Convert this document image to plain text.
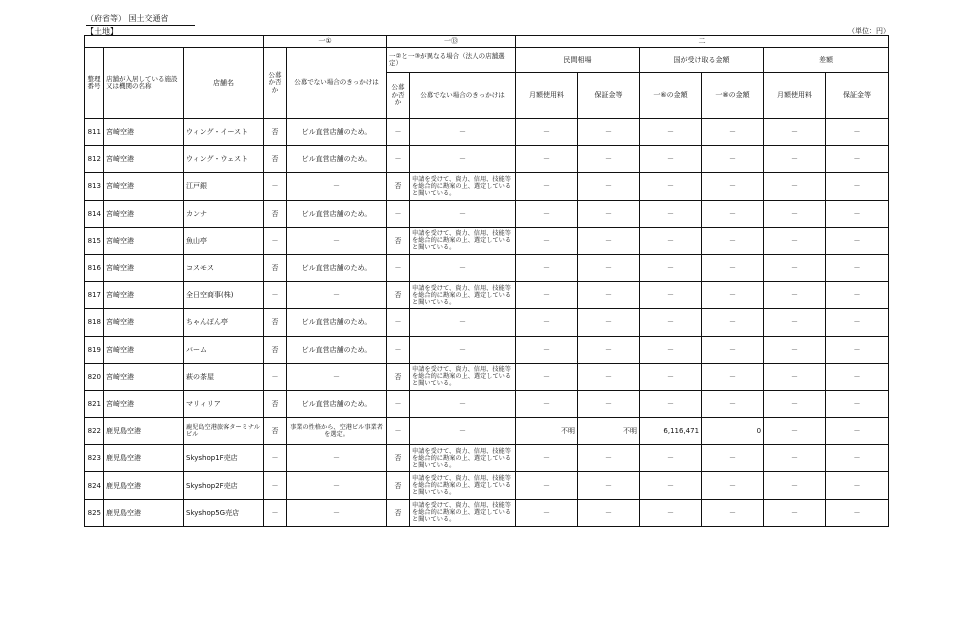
（府省等） 国土交通省
【土地】	（単位：円）
			一①		一⑬		二					
整理番号	店舗が入居している施設又は機関の名称	店舗名	公募か否か	公募でない場合のきっかけは	一②と一③が異なる場合（法人の店舗選定）		民間相場		国が受け取る金額		差額	
					公募か否か	公募でない場合のきっかけは	月額使用料	保証金等	一⑥の金額	一⑧の金額	月額使用料	保証金等
811	宮崎空港	ウィング・イースト	否	ビル直営店舗のため。	－	－	－	－	－	－	－	－
812	宮崎空港	ウィング・ウェスト	否	ビル直営店舗のため。	－	－	－	－	－	－	－	－
813	宮崎空港	江戸銀	－	－	否	申請を受けて、資力、信用、技能等を総合的に勘案の上、選定していると聞いている。	－	－	－	－	－	－
814	宮崎空港	カンナ	否	ビル直営店舗のため。	－	－	－	－	－	－	－	－
815	宮崎空港	魚山亭	－	－	否	申請を受けて、資力、信用、技能等を総合的に勘案の上、選定していると聞いている。	－	－	－	－	－	－
816	宮崎空港	コスモス	否	ビル直営店舗のため。	－	－	－	－	－	－	－	－
817	宮崎空港	全日空商事(株)	－	－	否	申請を受けて、資力、信用、技能等を総合的に勘案の上、選定していると聞いている。	－	－	－	－	－	－
818	宮崎空港	ちゃんぽん亭	否	ビル直営店舗のため。	－	－	－	－	－	－	－	－
819	宮崎空港	バーム	否	ビル直営店舗のため。	－	－	－	－	－	－	－	－
820	宮崎空港	萩の茶屋	－	－	否	申請を受けて、資力、信用、技能等を総合的に勘案の上、選定していると聞いている。	－	－	－	－	－	－
821	宮崎空港	マリィリア	否	ビル直営店舗のため。	－	－	－	－	－	－	－	－
822	鹿児島空港	鹿児島空港旅客ターミナルビル	否	事業の性格から、空港ビル事業者を選定。	－	－	不明	不明	6,116,471	0	－	－
823	鹿児島空港	Skyshop1F売店	－	－	否	申請を受けて、資力、信用、技能等を総合的に勘案の上、選定していると聞いている。	－	－	－	－	－	－
824	鹿児島空港	Skyshop2F売店	－	－	否	申請を受けて、資力、信用、技能等を総合的に勘案の上、選定していると聞いている。	－	－	－	－	－	－
825	鹿児島空港	Skyshop5G売店	－	－	否	申請を受けて、資力、信用、技能等を総合的に勘案の上、選定していると聞いている。	－	－	－	－	－	－
